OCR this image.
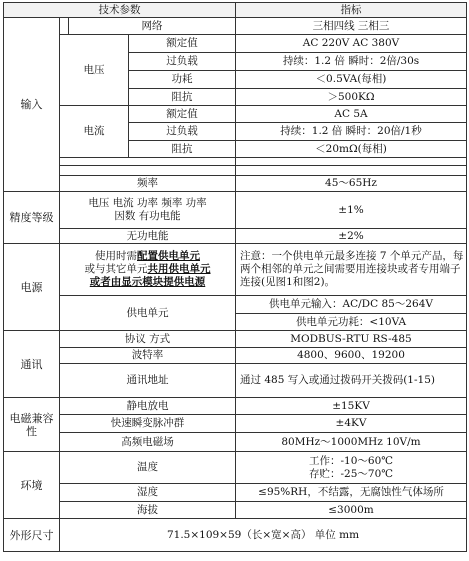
技术参数				指标
输入		网络		三相四线 三相三
	电压		额定值	AC 220V AC 380V
			过负载	持续：1.2 倍 瞬时：2倍/30s
			功耗	＜0.5VA(每相)
			阻抗	＞500KΩ
	电流		额定值	AC 5A
			过负载	持续：1.2 倍 瞬时：20倍/1秒
			阻抗	＜20mΩ(每相)

	频率			45～65Hz
精度等级	电压 电流 功率 频率 功率
因数 有功电能			±1%
	无功电能			±2%
电源	使用时需配置供电单元
或与其它单元共用供电单元
或者由显示模块提供电源			注意：一个供电单元最多连接 7 个单元产品，每两个相邻的单元之间需要用连接块或者专用端子连接(见图1和图2)。
	供电单元			供电单元输入：AC/DC 85～264V
				供电单元功耗：<10VA
通讯	协议 方式			MODBUS-RTU RS-485
	波特率			4800、9600、19200
	通讯地址			通过 485 写入或通过拨码开关拨码(1-15)
电磁兼容性	静电放电			±15KV
	快速瞬变脉冲群			±4KV
	高频电磁场			80MHz～1000MHz 10V/m
环境	温度			工作：-10～60℃
存贮：-25～70℃

	湿度			≤95%RH，不结露，无腐蚀性气体场所
	海拔			≤3000m
外形尺寸	71.5×109×59（长×宽×高） 单位 mm			
